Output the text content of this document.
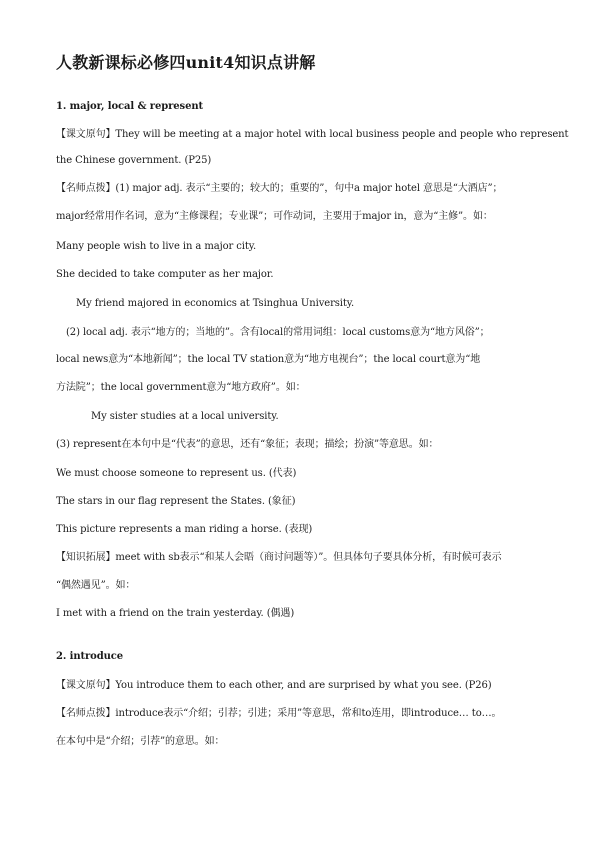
人教新课标必修四unit4知识点讲解
1. major, local & represent
【课文原句】They will be meeting at a major hotel with local business people and people who represent
the Chinese government. (P25)
【名师点拨】(1) major adj. 表示“主要的；较大的；重要的”，句中a major hotel 意思是“大酒店”；
major经常用作名词，意为“主修课程；专业课”；可作动词，主要用于major in，意为“主修”。如：
Many people wish to live in a major city.
She decided to take computer as her major.
My friend majored in economics at Tsinghua University.
(2) local adj. 表示“地方的；当地的”。含有local的常用词组：local customs意为“地方风俗”；
local news意为“本地新闻”；the local TV station意为“地方电视台”；the local court意为“地
方法院”；the local government意为“地方政府”。如：
My sister studies at a local university.
(3) represent在本句中是“代表”的意思，还有“象征；表现；描绘；扮演”等意思。如：
We must choose someone to represent us. (代表)
The stars in our flag represent the States. (象征)
This picture represents a man riding a horse. (表现)
【知识拓展】meet with sb表示“和某人会晤（商讨问题等）”。但具体句子要具体分析，有时候可表示
“偶然遇见”。如：
I met with a friend on the train yesterday. (偶遇)
2. introduce
【课文原句】You introduce them to each other, and are surprised by what you see. (P26)
【名师点拨】introduce表示“介绍；引荐；引进；采用”等意思，常和to连用，即introduce… to…。
在本句中是“介绍；引荐”的意思。如：
